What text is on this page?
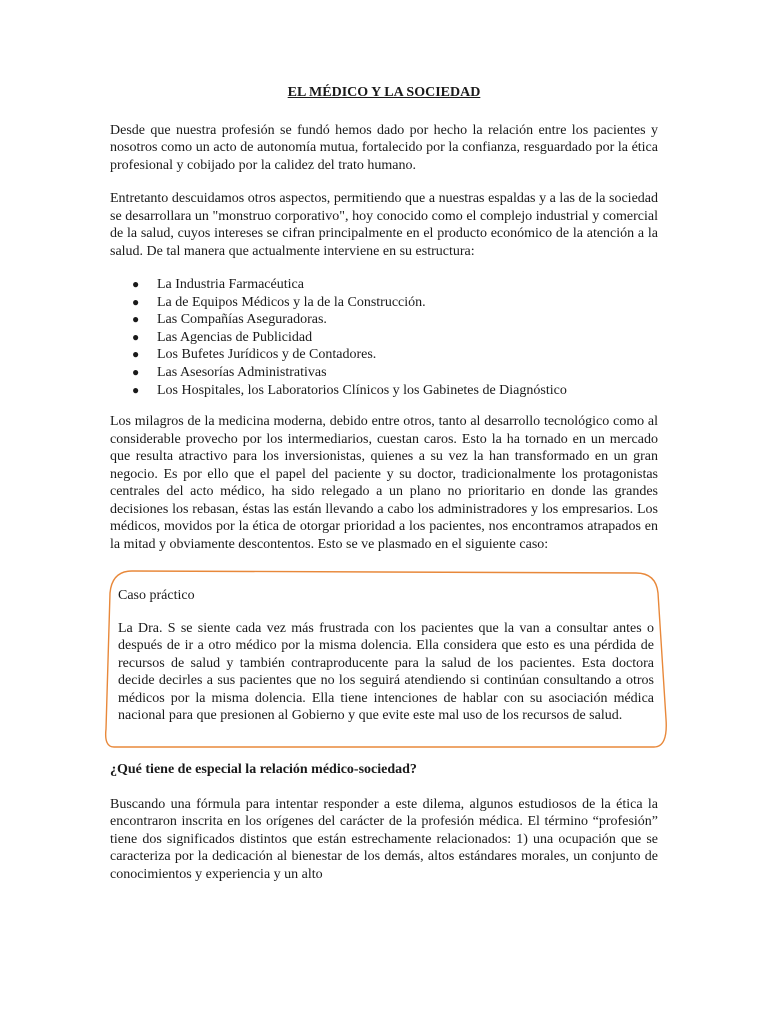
EL MÉDICO Y LA SOCIEDAD

Desde que nuestra profesión se fundó hemos dado por hecho la relación entre los pacientes y nosotros como un acto de autonomía mutua, fortalecido por la confianza, resguardado por la ética profesional y cobijado por la calidez del trato humano.

Entretanto descuidamos otros aspectos, permitiendo que a nuestras espaldas y a las de la sociedad se desarrollara un "monstruo corporativo", hoy conocido como el complejo industrial y comercial de la salud, cuyos intereses se cifran principalmente en el producto económico de la atención a la salud. De tal manera que actualmente interviene en su estructura:

● La Industria Farmacéutica
● La de Equipos Médicos y la de la Construcción.
● Las Compañías Aseguradoras.
● Las Agencias de Publicidad
● Los Bufetes Jurídicos y de Contadores.
● Las Asesorías Administrativas
● Los Hospitales, los Laboratorios Clínicos y los Gabinetes de Diagnóstico

Los milagros de la medicina moderna, debido entre otros, tanto al desarrollo tecnológico como al considerable provecho por los intermediarios, cuestan caros. Esto la ha tornado en un mercado que resulta atractivo para los inversionistas, quienes a su vez la han transformado en un gran negocio. Es por ello que el papel del paciente y su doctor, tradicionalmente los protagonistas centrales del acto médico, ha sido relegado a un plano no prioritario en donde las grandes decisiones los rebasan, éstas las están llevando a cabo los administradores y los empresarios. Los médicos, movidos por la ética de otorgar prioridad a los pacientes, nos encontramos atrapados en la mitad y obviamente descontentos. Esto se ve plasmado en el siguiente caso:

Caso práctico

La Dra. S se siente cada vez más frustrada con los pacientes que la van a consultar antes o después de ir a otro médico por la misma dolencia. Ella considera que esto es una pérdida de recursos de salud y también contraproducente para la salud de los pacientes. Esta doctora decide decirles a sus pacientes que no los seguirá atendiendo si continúan consultando a otros médicos por la misma dolencia. Ella tiene intenciones de hablar con su asociación médica nacional para que presionen al Gobierno y que evite este mal uso de los recursos de salud.

¿Qué tiene de especial la relación médico-sociedad?

Buscando una fórmula para intentar responder a este dilema, algunos estudiosos de la ética la encontraron inscrita en los orígenes del carácter de la profesión médica. El término “profesión” tiene dos significados distintos que están estrechamente relacionados: 1) una ocupación que se caracteriza por la dedicación al bienestar de los demás, altos estándares morales, un conjunto de conocimientos y experiencia y un alto
